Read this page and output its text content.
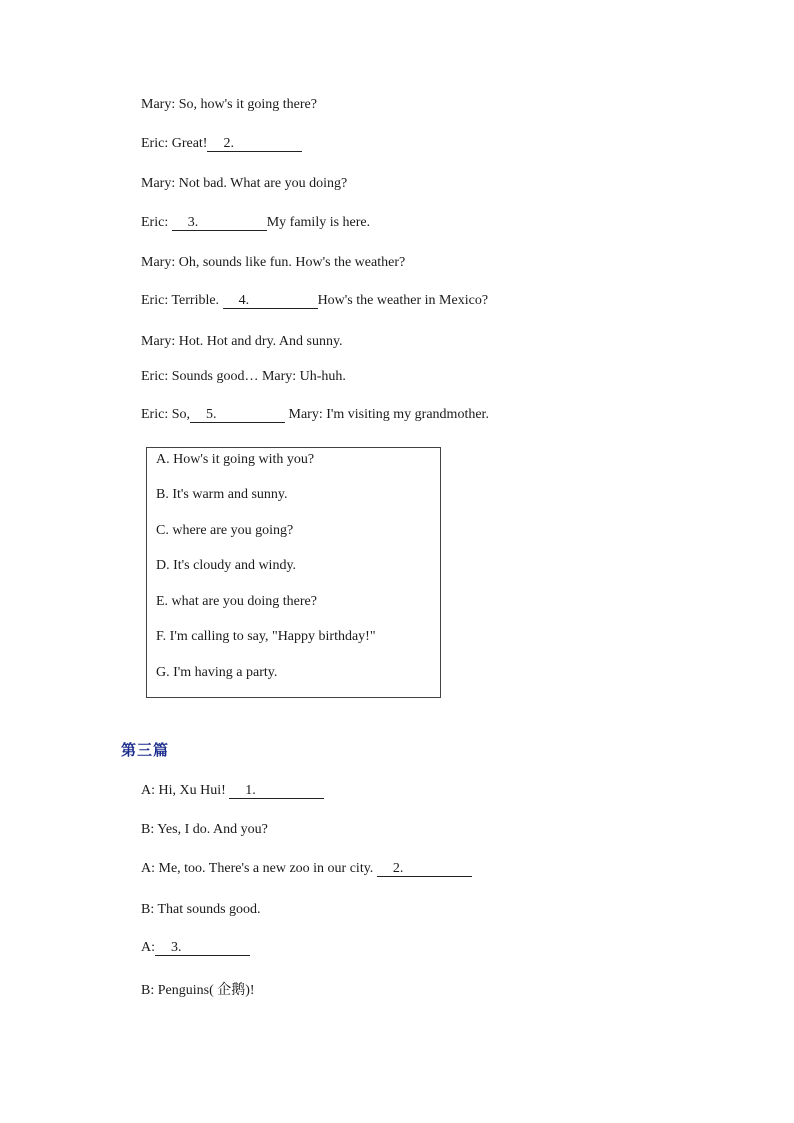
Mary: So, how's it going there?
Eric: Great! 2.
Mary: Not bad. What are you doing?
Eric: 3.	My family is here.
Mary: Oh, sounds like fun. How's the weather?
Eric: Terrible. 4.	How's the weather in Mexico?
Mary: Hot. Hot and dry. And sunny.
Eric: Sounds good… Mary: Uh-huh.
Eric: So, 5.	Mary: I'm visiting my grandmother.
A. How's it going with you?
B. It's warm and sunny.
C. where are you going?
D. It's cloudy and windy.
E. what are you doing there?
F. I'm calling to say, "Happy birthday!"
G. I'm having a party.
第三篇
A: Hi, Xu Hui! 1.
B: Yes, I do. And you?
A: Me, too. There's a new zoo in our city. 2.
B: That sounds good.
A: 3.
B: Penguins( 企鹅)!
